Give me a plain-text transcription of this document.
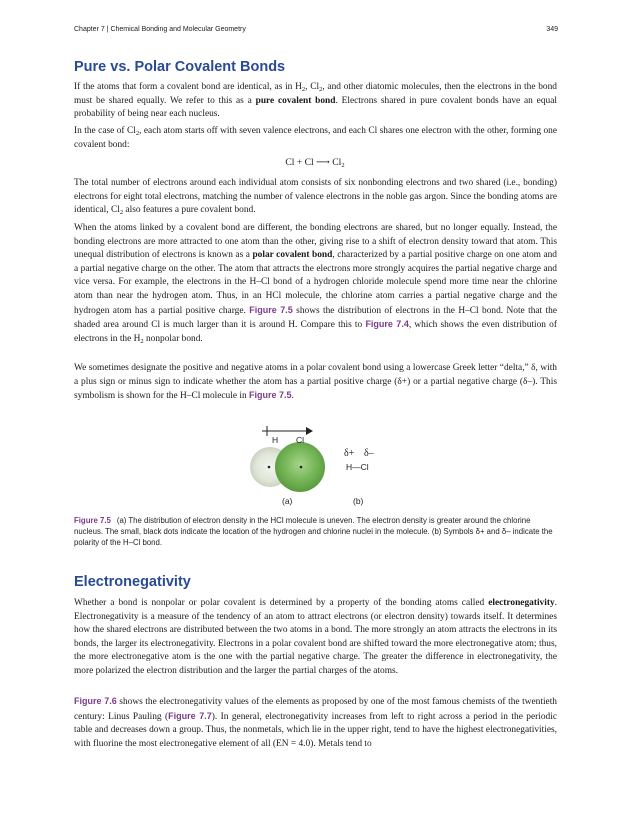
Chapter 7 | Chemical Bonding and Molecular Geometry	349
Pure vs. Polar Covalent Bonds

If the atoms that form a covalent bond are identical, as in $H_2$, $Cl_2$, and other diatomic molecules, then the electrons in the bond must be shared equally. We refer to this as a pure covalent bond. Electrons shared in pure covalent bonds have an equal probability of being near each nucleus.

In the case of $Cl_2$, each atom starts off with seven valence electrons, and each Cl shares one electron with the other, forming one covalent bond:

Cl + Cl ⟶ $Cl_2$

The total number of electrons around each individual atom consists of six nonbonding electrons and two shared (i.e., bonding) electrons for eight total electrons, matching the number of valence electrons in the noble gas argon. Since the bonding atoms are identical, $Cl_2$ also features a pure covalent bond.

When the atoms linked by a covalent bond are different, the bonding electrons are shared, but no longer equally. Instead, the bonding electrons are more attracted to one atom than the other, giving rise to a shift of electron density toward that atom. This unequal distribution of electrons is known as a polar covalent bond, characterized by a partial positive charge on one atom and a partial negative charge on the other. The atom that attracts the electrons more strongly acquires the partial negative charge and vice versa. For example, the electrons in the H–Cl bond of a hydrogen chloride molecule spend more time near the chlorine atom than near the hydrogen atom. Thus, in an HCl molecule, the chlorine atom carries a partial negative charge and the hydrogen atom has a partial positive charge. Figure 7.5 shows the distribution of electrons in the H–Cl bond. Note that the shaded area around Cl is much larger than it is around H. Compare this to Figure 7.4, which shows the even distribution of electrons in the $H_2$ nonpolar bond.

We sometimes designate the positive and negative atoms in a polar covalent bond using a lowercase Greek letter “delta,” δ, with a plus sign or minus sign to indicate whether the atom has a partial positive charge (δ+) or a partial negative charge (δ–). This symbolism is shown for the H–Cl molecule in Figure 7.5.

H Cl
δ+ δ–
H—Cl
(a)	(b)

Figure 7.5 (a) The distribution of electron density in the HCl molecule is uneven. The electron density is greater around the chlorine nucleus. The small, black dots indicate the location of the hydrogen and chlorine nuclei in the molecule. (b) Symbols δ+ and δ– indicate the polarity of the H–Cl bond.

Electronegativity

Whether a bond is nonpolar or polar covalent is determined by a property of the bonding atoms called electronegativity. Electronegativity is a measure of the tendency of an atom to attract electrons (or electron density) towards itself. It determines how the shared electrons are distributed between the two atoms in a bond. The more strongly an atom attracts the electrons in its bonds, the larger its electronegativity. Electrons in a polar covalent bond are shifted toward the more electronegative atom; thus, the more electronegative atom is the one with the partial negative charge. The greater the difference in electronegativity, the more polarized the electron distribution and the larger the partial charges of the atoms.

Figure 7.6 shows the electronegativity values of the elements as proposed by one of the most famous chemists of the twentieth century: Linus Pauling (Figure 7.7). In general, electronegativity increases from left to right across a period in the periodic table and decreases down a group. Thus, the nonmetals, which lie in the upper right, tend to have the highest electronegativities, with fluorine the most electronegative element of all (EN = 4.0). Metals tend to
